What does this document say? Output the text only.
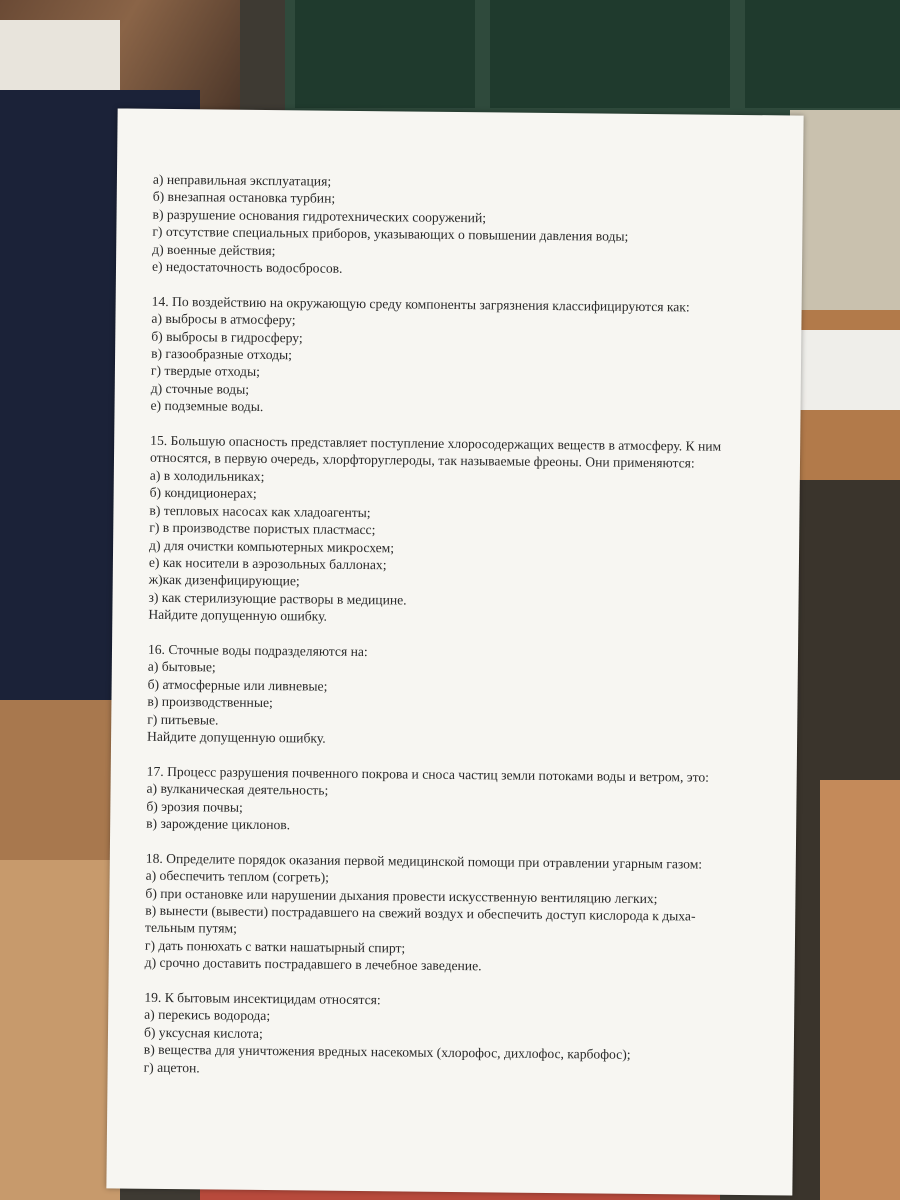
а) неправильная эксплуатация;
б) внезапная остановка турбин;
в) разрушение основания гидротехнических сооружений;
г) отсутствие специальных приборов, указывающих о повышении давления воды;
д) военные действия;
е) недостаточность водосбросов.
14. По воздействию на окружающую среду компоненты загрязнения классифицируются как:
а) выбросы в атмосферу;
б) выбросы в гидросферу;
в) газообразные отходы;
г) твердые отходы;
д) сточные воды;
е) подземные воды.
15. Большую опасность представляет поступление хлоросодержащих веществ в атмосферу. К ним
относятся, в первую очередь, хлорфторуглероды, так называемые фреоны. Они применяются:
а) в холодильниках;
б) кондиционерах;
в) тепловых насосах как хладоагенты;
г) в производстве пористых пластмасс;
д) для очистки компьютерных микросхем;
е) как носители в аэрозольных баллонах;
ж)как дизенфицирующие;
з) как стерилизующие растворы в медицине.
Найдите допущенную ошибку.
16. Сточные воды подразделяются на:
а) бытовые;
б) атмосферные или ливневые;
в) производственные;
г) питьевые.
Найдите допущенную ошибку.
17. Процесс разрушения почвенного покрова и сноса частиц земли потоками воды и ветром, это:
а) вулканическая деятельность;
б) эрозия почвы;
в) зарождение циклонов.
18. Определите порядок оказания первой медицинской помощи при отравлении угарным газом:
а) обеспечить теплом (согреть);
б) при остановке или нарушении дыхания провести искусственную вентиляцию легких;
в) вынести (вывести) пострадавшего на свежий воздух и обеспечить доступ кислорода к дыха-
тельным путям;
г) дать понюхать с ватки нашатырный спирт;
д) срочно доставить пострадавшего в лечебное заведение.
19. К бытовым инсектицидам относятся:
а) перекись водорода;
б) уксусная кислота;
в) вещества для уничтожения вредных насекомых (хлорофос, дихлофос, карбофос);
г) ацетон.
